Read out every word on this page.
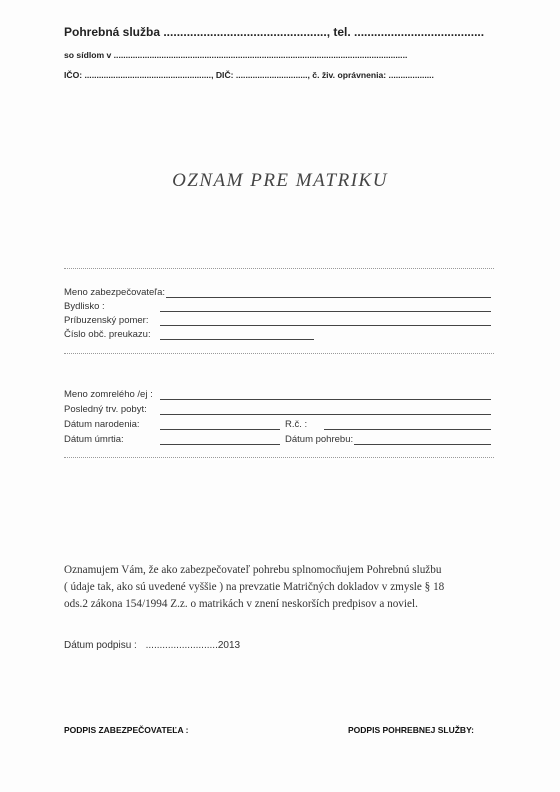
Pohrebná služba ................................................., tel. .......................................
so sídlom v ...........................................................................................................................
IČO: ....................................................., DIČ: .............................., č. živ. oprávnenia: ...................
OZNAM PRE MATRIKU
Meno zabezpečovateľa:
Bydlisko :
Príbuzenský pomer:
Číslo obč. preukazu:
Meno zomrelého /ej :
Posledný trv. pobyt:
Dátum narodenia:	R.č. :
Dátum úmrtia:	Dátum pohrebu:
Oznamujem Vám, že ako zabezpečovateľ pohrebu splnomocňujem Pohrebnú službu
( údaje tak, ako sú uvedené vyššie ) na prevzatie Matričných dokladov v zmysle § 18
ods.2 zákona 154/1994 Z.z. o matrikách v znení neskorších predpisov a noviel.
Dátum podpisu : ..........................2013
PODPIS ZABEZPEČOVATEĽA :	PODPIS POHREBNEJ SLUŽBY:
